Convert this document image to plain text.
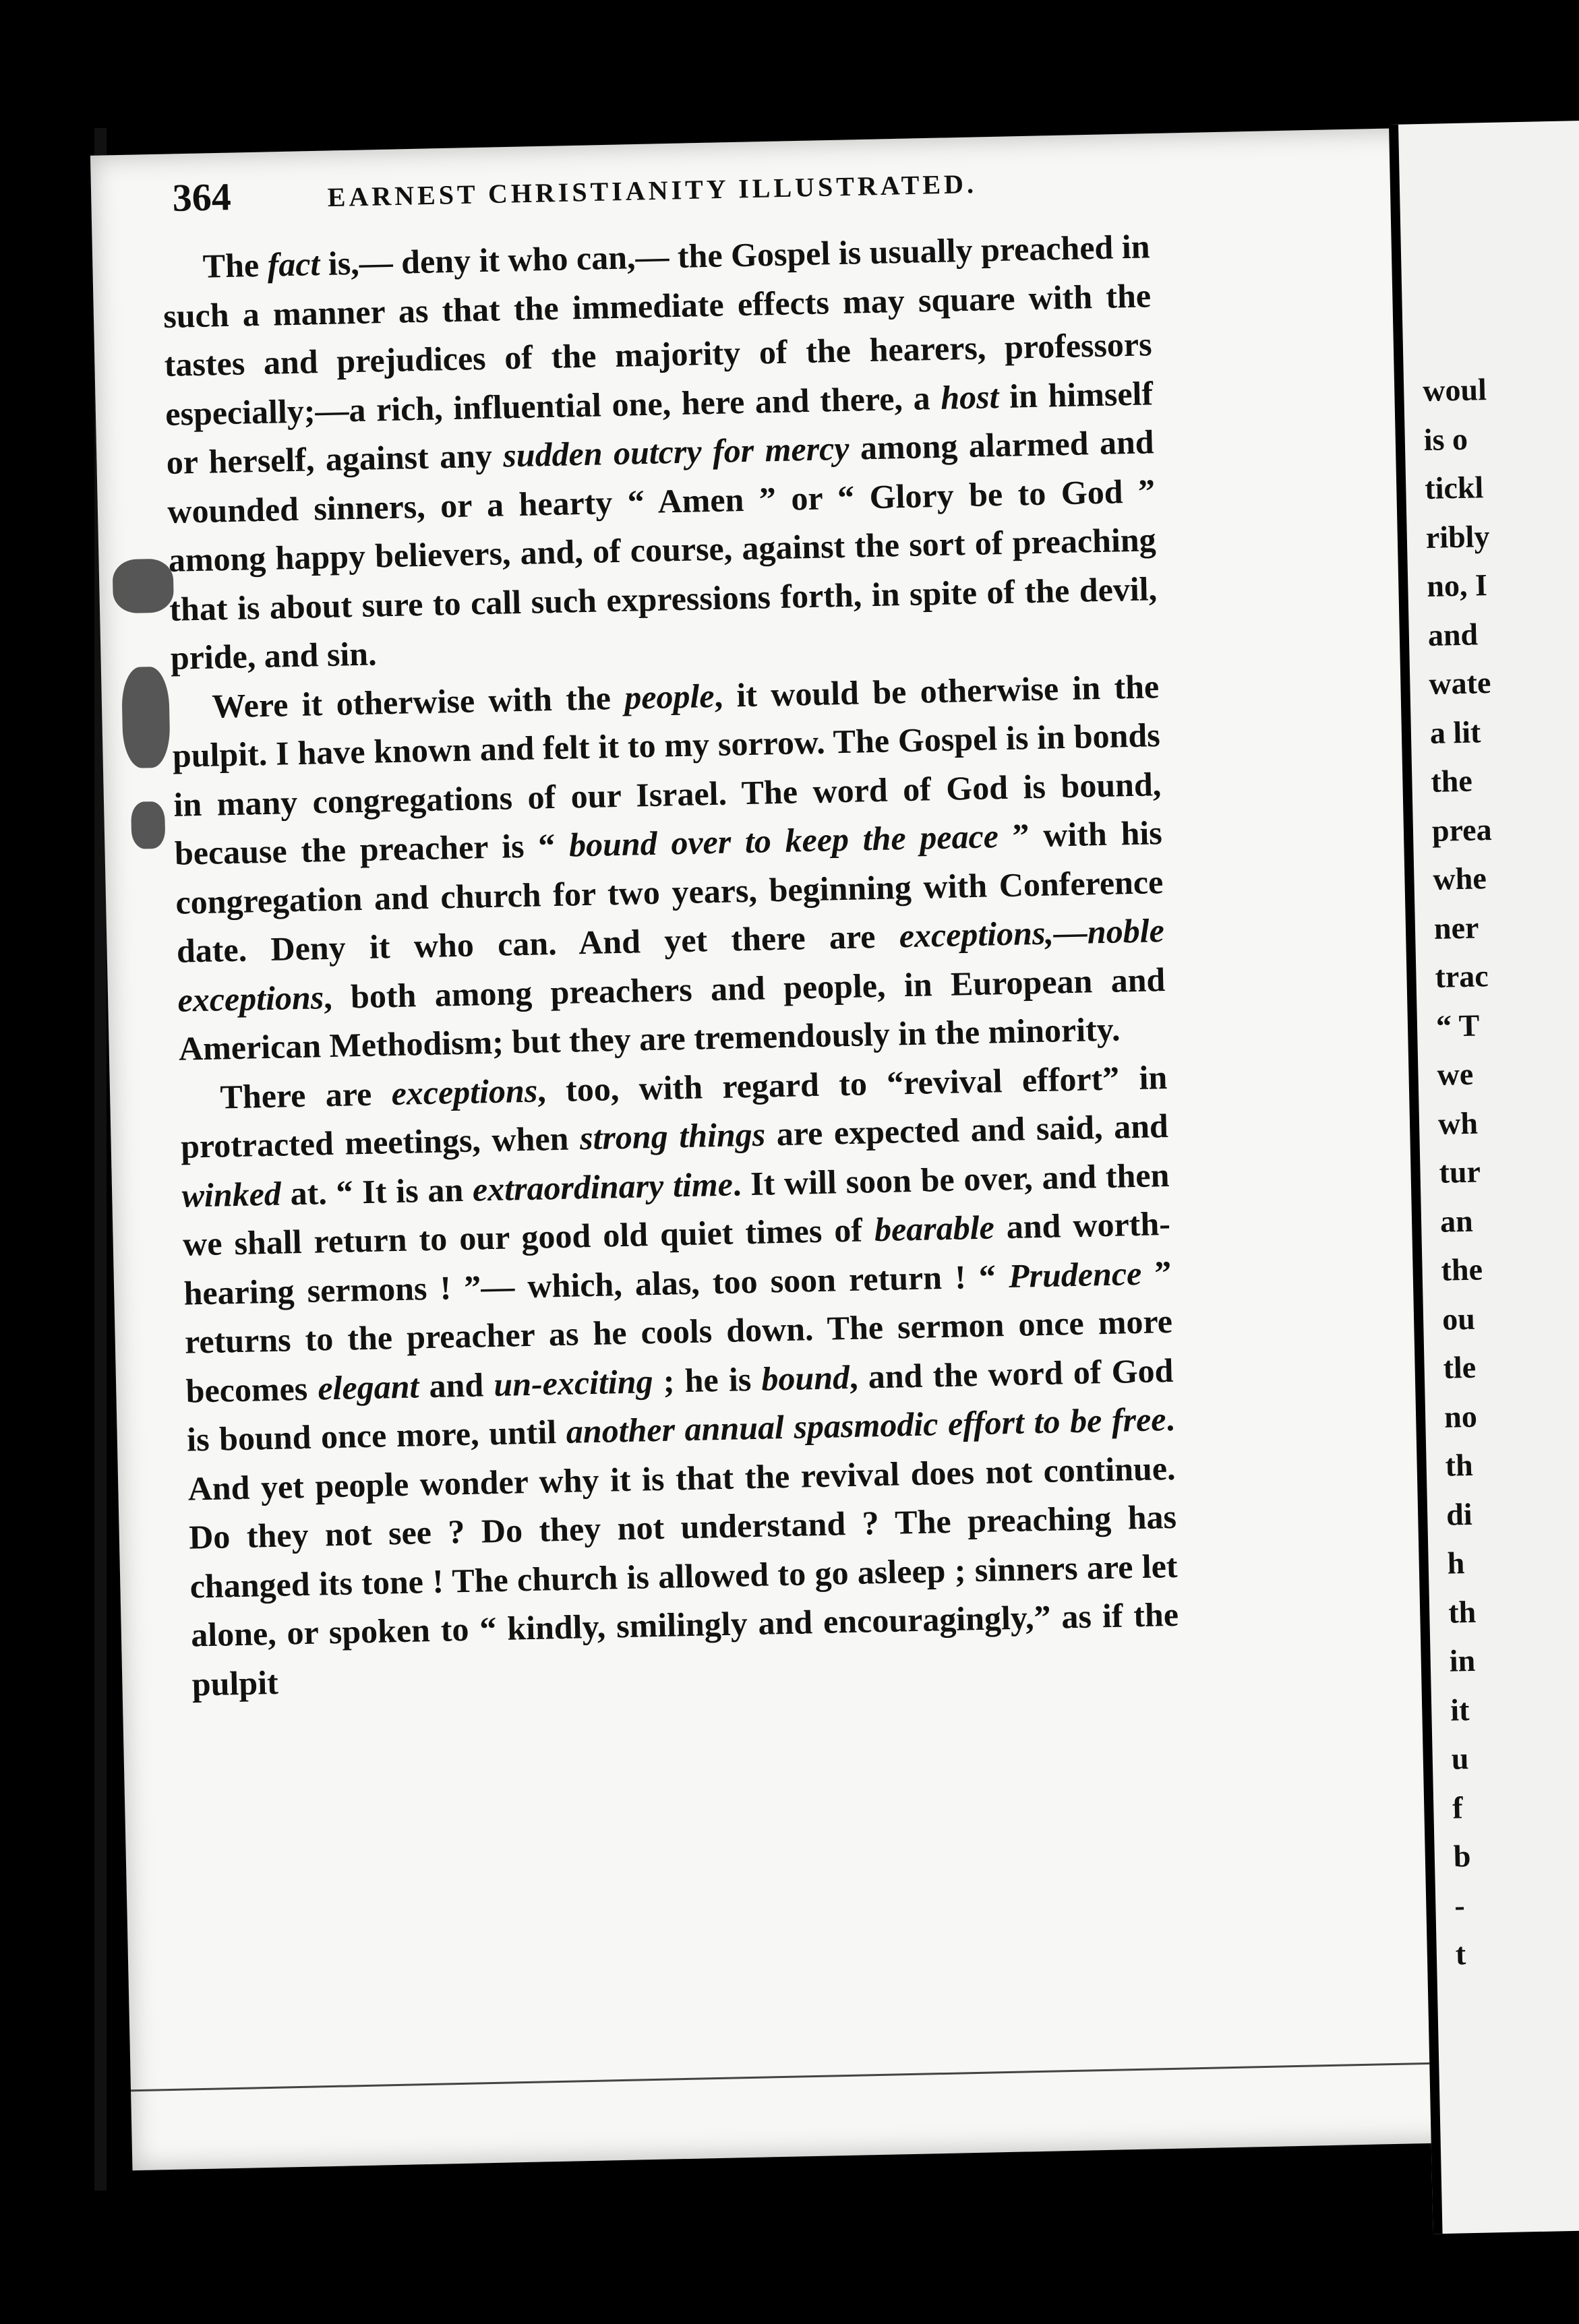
woul
is o
tickl
ribly
no, I
and
wate
a lit
the
prea
whe
ner
trac
“ T
we
wh
tur
an
the
ou
tle
no
th
di
h
th
in
it
u
f
b
-
t
364	EARNEST CHRISTIANITY ILLUSTRATED.

The fact is,— deny it who can,— the Gospel is usually preached in such a manner as that the immediate effects may square with the tastes and prejudices of the majority of the hearers, professors especially;—a rich, influential one, here and there, a host in himself or herself, against any sudden outcry for mercy among alarmed and wounded sinners, or a hearty “ Amen ” or “ Glory be to God ” among happy believers, and, of course, against the sort of preaching that is about sure to call such expressions forth, in spite of the devil, pride, and sin.

Were it otherwise with the people, it would be otherwise in the pulpit. I have known and felt it to my sorrow. The Gospel is in bonds in many congregations of our Israel. The word of God is bound, because the preacher is “ bound over to keep the peace ” with his congregation and church for two years, beginning with Conference date. Deny it who can. And yet there are exceptions,—noble exceptions, both among preachers and people, in European and American Methodism; but they are tremendously in the minority.

There are exceptions, too, with regard to “revival effort” in protracted meetings, when strong things are expected and said, and winked at. “ It is an extraordinary time. It will soon be over, and then we shall return to our good old quiet times of bearable and worth-hearing sermons ! ”— which, alas, too soon return ! “ Prudence ” returns to the preacher as he cools down. The sermon once more becomes elegant and un-exciting ; he is bound, and the word of God is bound once more, until another annual spasmodic effort to be free. And yet people wonder why it is that the revival does not continue. Do they not see ? Do they not understand ? The preaching has changed its tone ! The church is allowed to go asleep ; sinners are let alone, or spoken to “ kindly, smilingly and encouragingly,” as if the pulpit
